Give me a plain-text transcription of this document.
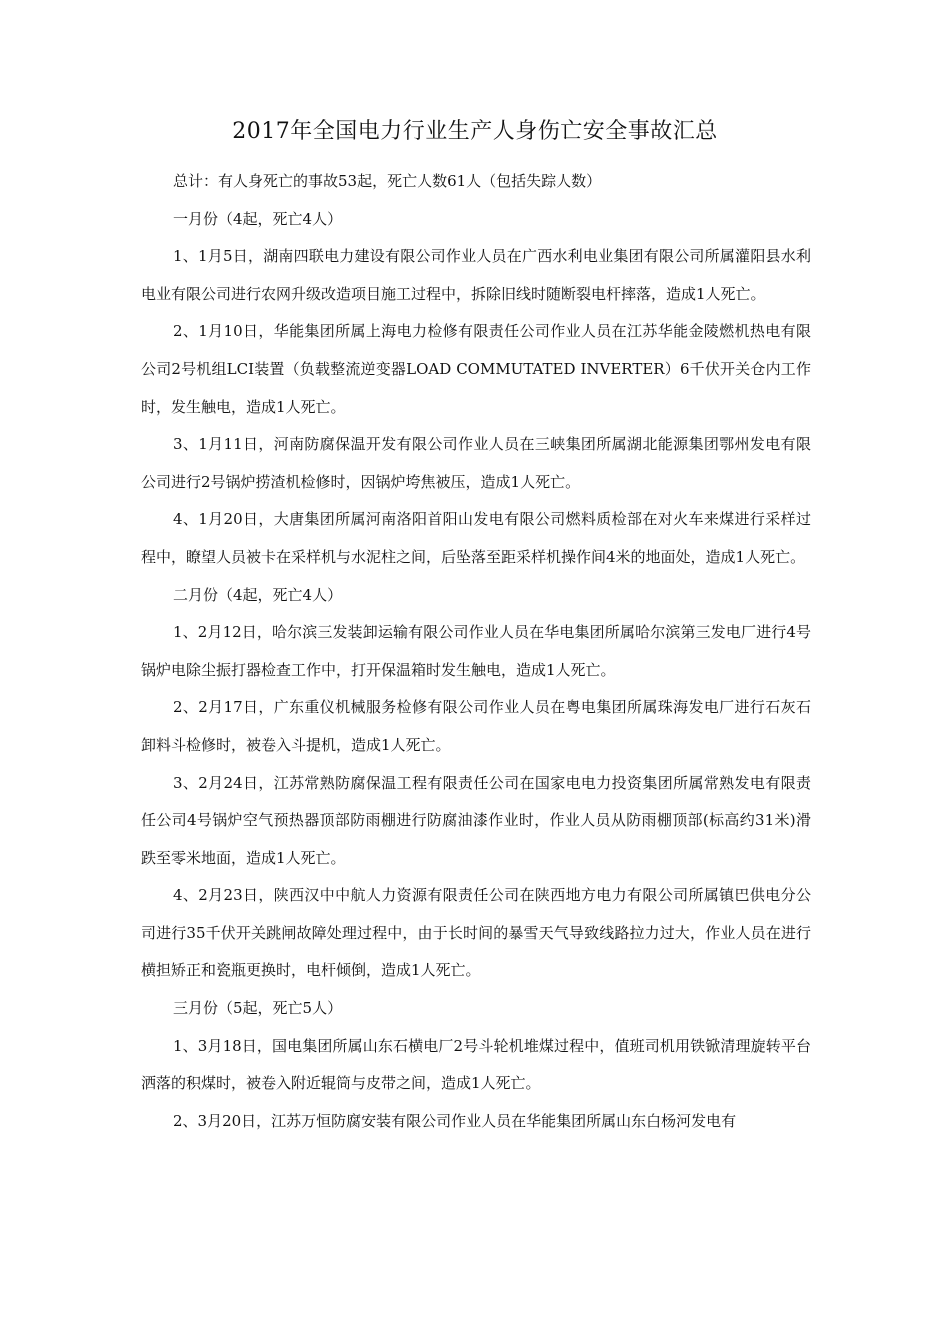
2017年全国电力行业生产人身伤亡安全事故汇总

总计：有人身死亡的事故53起，死亡人数61人（包括失踪人数）

一月份（4起，死亡4人）

1、1月5日，湖南四联电力建设有限公司作业人员在广西水利电业集团有限公司所属灌阳县水利电业有限公司进行农网升级改造项目施工过程中，拆除旧线时随断裂电杆摔落，造成1人死亡。

2、1月10日，华能集团所属上海电力检修有限责任公司作业人员在江苏华能金陵燃机热电有限公司2号机组LCI装置（负载整流逆变器LOAD COMMUTATED INVERTER）6千伏开关仓内工作时，发生触电，造成1人死亡。

3、1月11日，河南防腐保温开发有限公司作业人员在三峡集团所属湖北能源集团鄂州发电有限公司进行2号锅炉捞渣机检修时，因锅炉垮焦被压，造成1人死亡。

4、1月20日，大唐集团所属河南洛阳首阳山发电有限公司燃料质检部在对火车来煤进行采样过程中，瞭望人员被卡在采样机与水泥柱之间，后坠落至距采样机操作间4米的地面处，造成1人死亡。

二月份（4起，死亡4人）

1、2月12日，哈尔滨三发装卸运输有限公司作业人员在华电集团所属哈尔滨第三发电厂进行4号锅炉电除尘振打器检查工作中，打开保温箱时发生触电，造成1人死亡。

2、2月17日，广东重仪机械服务检修有限公司作业人员在粤电集团所属珠海发电厂进行石灰石卸料斗检修时，被卷入斗提机，造成1人死亡。

3、2月24日，江苏常熟防腐保温工程有限责任公司在国家电电力投资集团所属常熟发电有限责任公司4号锅炉空气预热器顶部防雨棚进行防腐油漆作业时，作业人员从防雨棚顶部(标高约31米)滑跌至零米地面，造成1人死亡。

4、2月23日，陕西汉中中航人力资源有限责任公司在陕西地方电力有限公司所属镇巴供电分公司进行35千伏开关跳闸故障处理过程中，由于长时间的暴雪天气导致线路拉力过大，作业人员在进行横担矫正和瓷瓶更换时，电杆倾倒，造成1人死亡。

三月份（5起，死亡5人）

1、3月18日，国电集团所属山东石横电厂2号斗轮机堆煤过程中，值班司机用铁锨清理旋转平台洒落的积煤时，被卷入附近辊筒与皮带之间，造成1人死亡。

2、3月20日，江苏万恒防腐安装有限公司作业人员在华能集团所属山东白杨河发电有
